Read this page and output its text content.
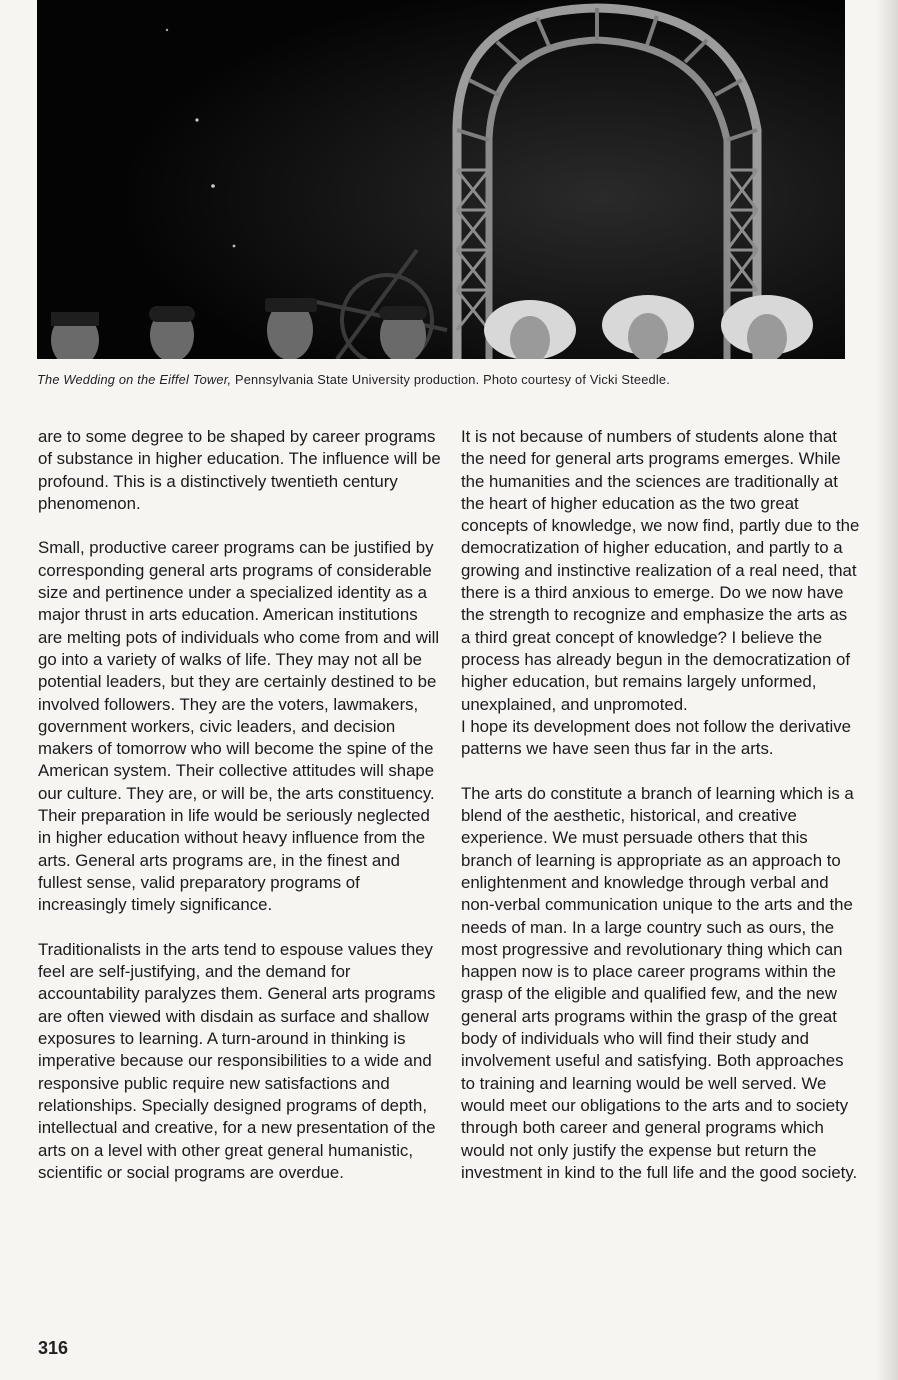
The Wedding on the Eiffel Tower, Pennsylvania State University production. Photo courtesy of Vicki Steedle.

are to some degree to be shaped by career programs of substance in higher education. The influence will be profound. This is a distinctively twentieth century phenomenon.

Small, productive career programs can be justified by corresponding general arts programs of considerable size and pertinence under a specialized identity as a major thrust in arts education. American institutions are melting pots of individuals who come from and will go into a variety of walks of life. They may not all be potential leaders, but they are certainly destined to be involved followers. They are the voters, lawmakers, government workers, civic leaders, and decision makers of tomorrow who will become the spine of the American system. Their collective attitudes will shape our culture. They are, or will be, the arts constituency. Their preparation in life would be seriously neglected in higher education without heavy influence from the arts. General arts programs are, in the finest and fullest sense, valid preparatory programs of increasingly timely significance.

Traditionalists in the arts tend to espouse values they feel are self-justifying, and the demand for accountability paralyzes them. General arts programs are often viewed with disdain as surface and shallow exposures to learning. A turn-around in thinking is imperative because our responsibilities to a wide and responsive public require new satisfactions and relationships. Specially designed programs of depth, intellectual and creative, for a new presentation of the arts on a level with other great general humanistic, scientific or social programs are overdue.

It is not because of numbers of students alone that the need for general arts programs emerges. While the humanities and the sciences are traditionally at the heart of higher education as the two great concepts of knowledge, we now find, partly due to the democratization of higher education, and partly to a growing and instinctive realization of a real need, that there is a third anxious to emerge. Do we now have the strength to recognize and emphasize the arts as a third great concept of knowledge? I believe the process has already begun in the democratization of higher education, but remains largely unformed, unexplained, and unpromoted.

I hope its development does not follow the derivative patterns we have seen thus far in the arts.

The arts do constitute a branch of learning which is a blend of the aesthetic, historical, and creative experience. We must persuade others that this branch of learning is appropriate as an approach to enlightenment and knowledge through verbal and non-verbal communication unique to the arts and the needs of man. In a large country such as ours, the most progressive and revolutionary thing which can happen now is to place career programs within the grasp of the eligible and qualified few, and the new general arts programs within the grasp of the great body of individuals who will find their study and involvement useful and satisfying. Both approaches to training and learning would be well served. We would meet our obligations to the arts and to society through both career and general programs which would not only justify the expense but return the investment in kind to the full life and the good society.

316
